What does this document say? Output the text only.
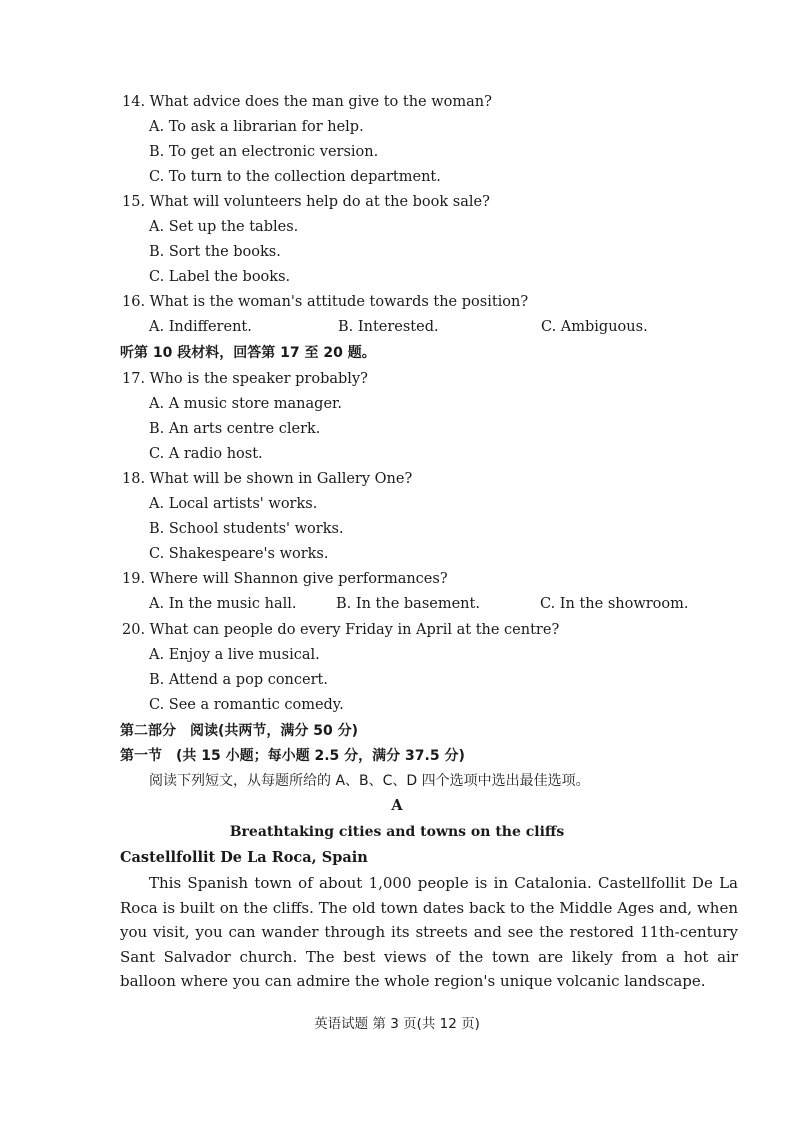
14. What advice does the man give to the woman?
A. To ask a librarian for help.
B. To get an electronic version.
C. To turn to the collection department.
15. What will volunteers help do at the book sale?
A. Set up the tables.
B. Sort the books.
C. Label the books.
16. What is the woman's attitude towards the position?
A. Indifferent.	B. Interested.	C. Ambiguous.
听第 10 段材料，回答第 17 至 20 题。
17. Who is the speaker probably?
A. A music store manager.
B. An arts centre clerk.
C. A radio host.
18. What will be shown in Gallery One?
A. Local artists' works.
B. School students' works.
C. Shakespeare's works.
19. Where will Shannon give performances?
A. In the music hall.	B. In the basement.	C. In the showroom.
20. What can people do every Friday in April at the centre?
A. Enjoy a live musical.
B. Attend a pop concert.
C. See a romantic comedy.
第二部分　阅读(共两节，满分 50 分)
第一节　(共 15 小题；每小题 2.5 分，满分 37.5 分)
阅读下列短文，从每题所给的 A、B、C、D 四个选项中选出最佳选项。
A
Breathtaking cities and towns on the cliffs
Castellfollit De La Roca, Spain
This Spanish town of about 1,000 people is in Catalonia. Castellfollit De La Roca is built on the cliffs. The old town dates back to the Middle Ages and, when you visit, you can wander through its streets and see the restored 11th-century Sant Salvador church. The best views of the town are likely from a hot air balloon where you can admire the whole region's unique volcanic landscape.
英语试题 第 3 页(共 12 页)
